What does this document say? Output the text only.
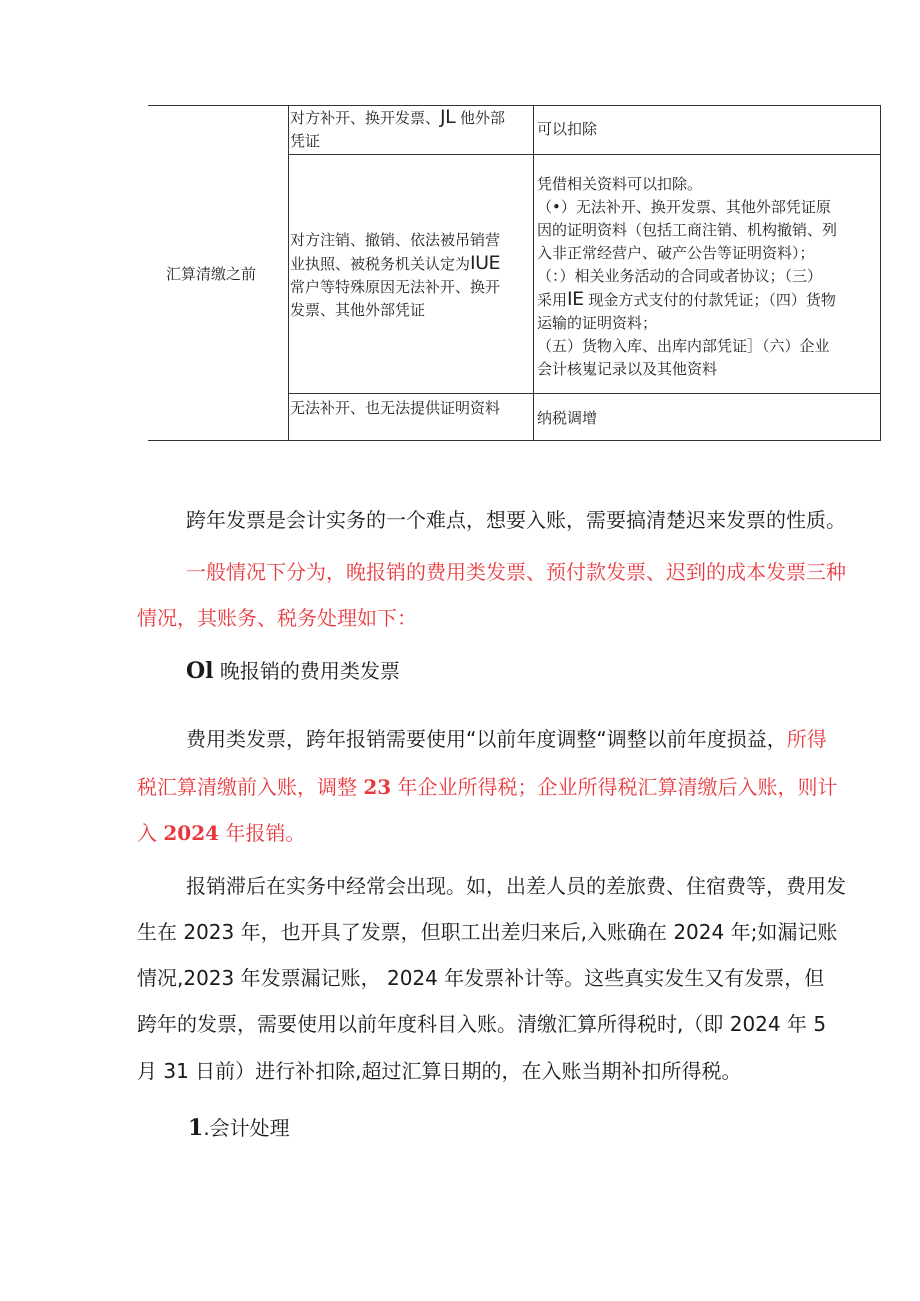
汇算清缴之前
对方补开、换开发票、JL 他外部
凭证
可以扣除
对方注销、撤销、依法被吊销营
业执照、被税务机关认定为IUE
常户等特殊原因无法补开、换开
发票、其他外部凭证
凭借相关资料可以扣除。
（•）无法补开、换开发票、其他外部凭证原
因的证明资料（包括工商注销、机构撤销、列
入非正常经营户、破产公告等证明资料）；
（：）相关业务活动的合同或者协议；（三）
采用IE 现金方式支付的付款凭证；（四）货物
运输的证明资料；
（五）货物入库、出库内部凭证］（六）企业
会计核嵬记录以及其他资料
无法补开、也无法提供证明资料
纳税调增
跨年发票是会计实务的一个难点，想要入账，需要搞清楚迟来发票的性质。
一般情况下分为，晚报销的费用类发票、预付款发票、迟到的成本发票三种
情况，其账务、税务处理如下：
Ol 晚报销的费用类发票
费用类发票，跨年报销需要使用“以前年度调整“调整以前年度损益，所得
税汇算清缴前入账，调整 23 年企业所得税；企业所得税汇算清缴后入账，则计
入 2024 年报销。
报销滞后在实务中经常会出现。如，出差人员的差旅费、住宿费等，费用发
生在 2023 年，也开具了发票，但职工出差归来后,入账确在 2024 年;如漏记账
情况,2023 年发票漏记账， 2024 年发票补计等。这些真实发生又有发票，但
跨年的发票，需要使用以前年度科目入账。清缴汇算所得税时,（即 2024 年 5
月 31 日前）进行补扣除,超过汇算日期的，在入账当期补扣所得税。
1.会计处理
